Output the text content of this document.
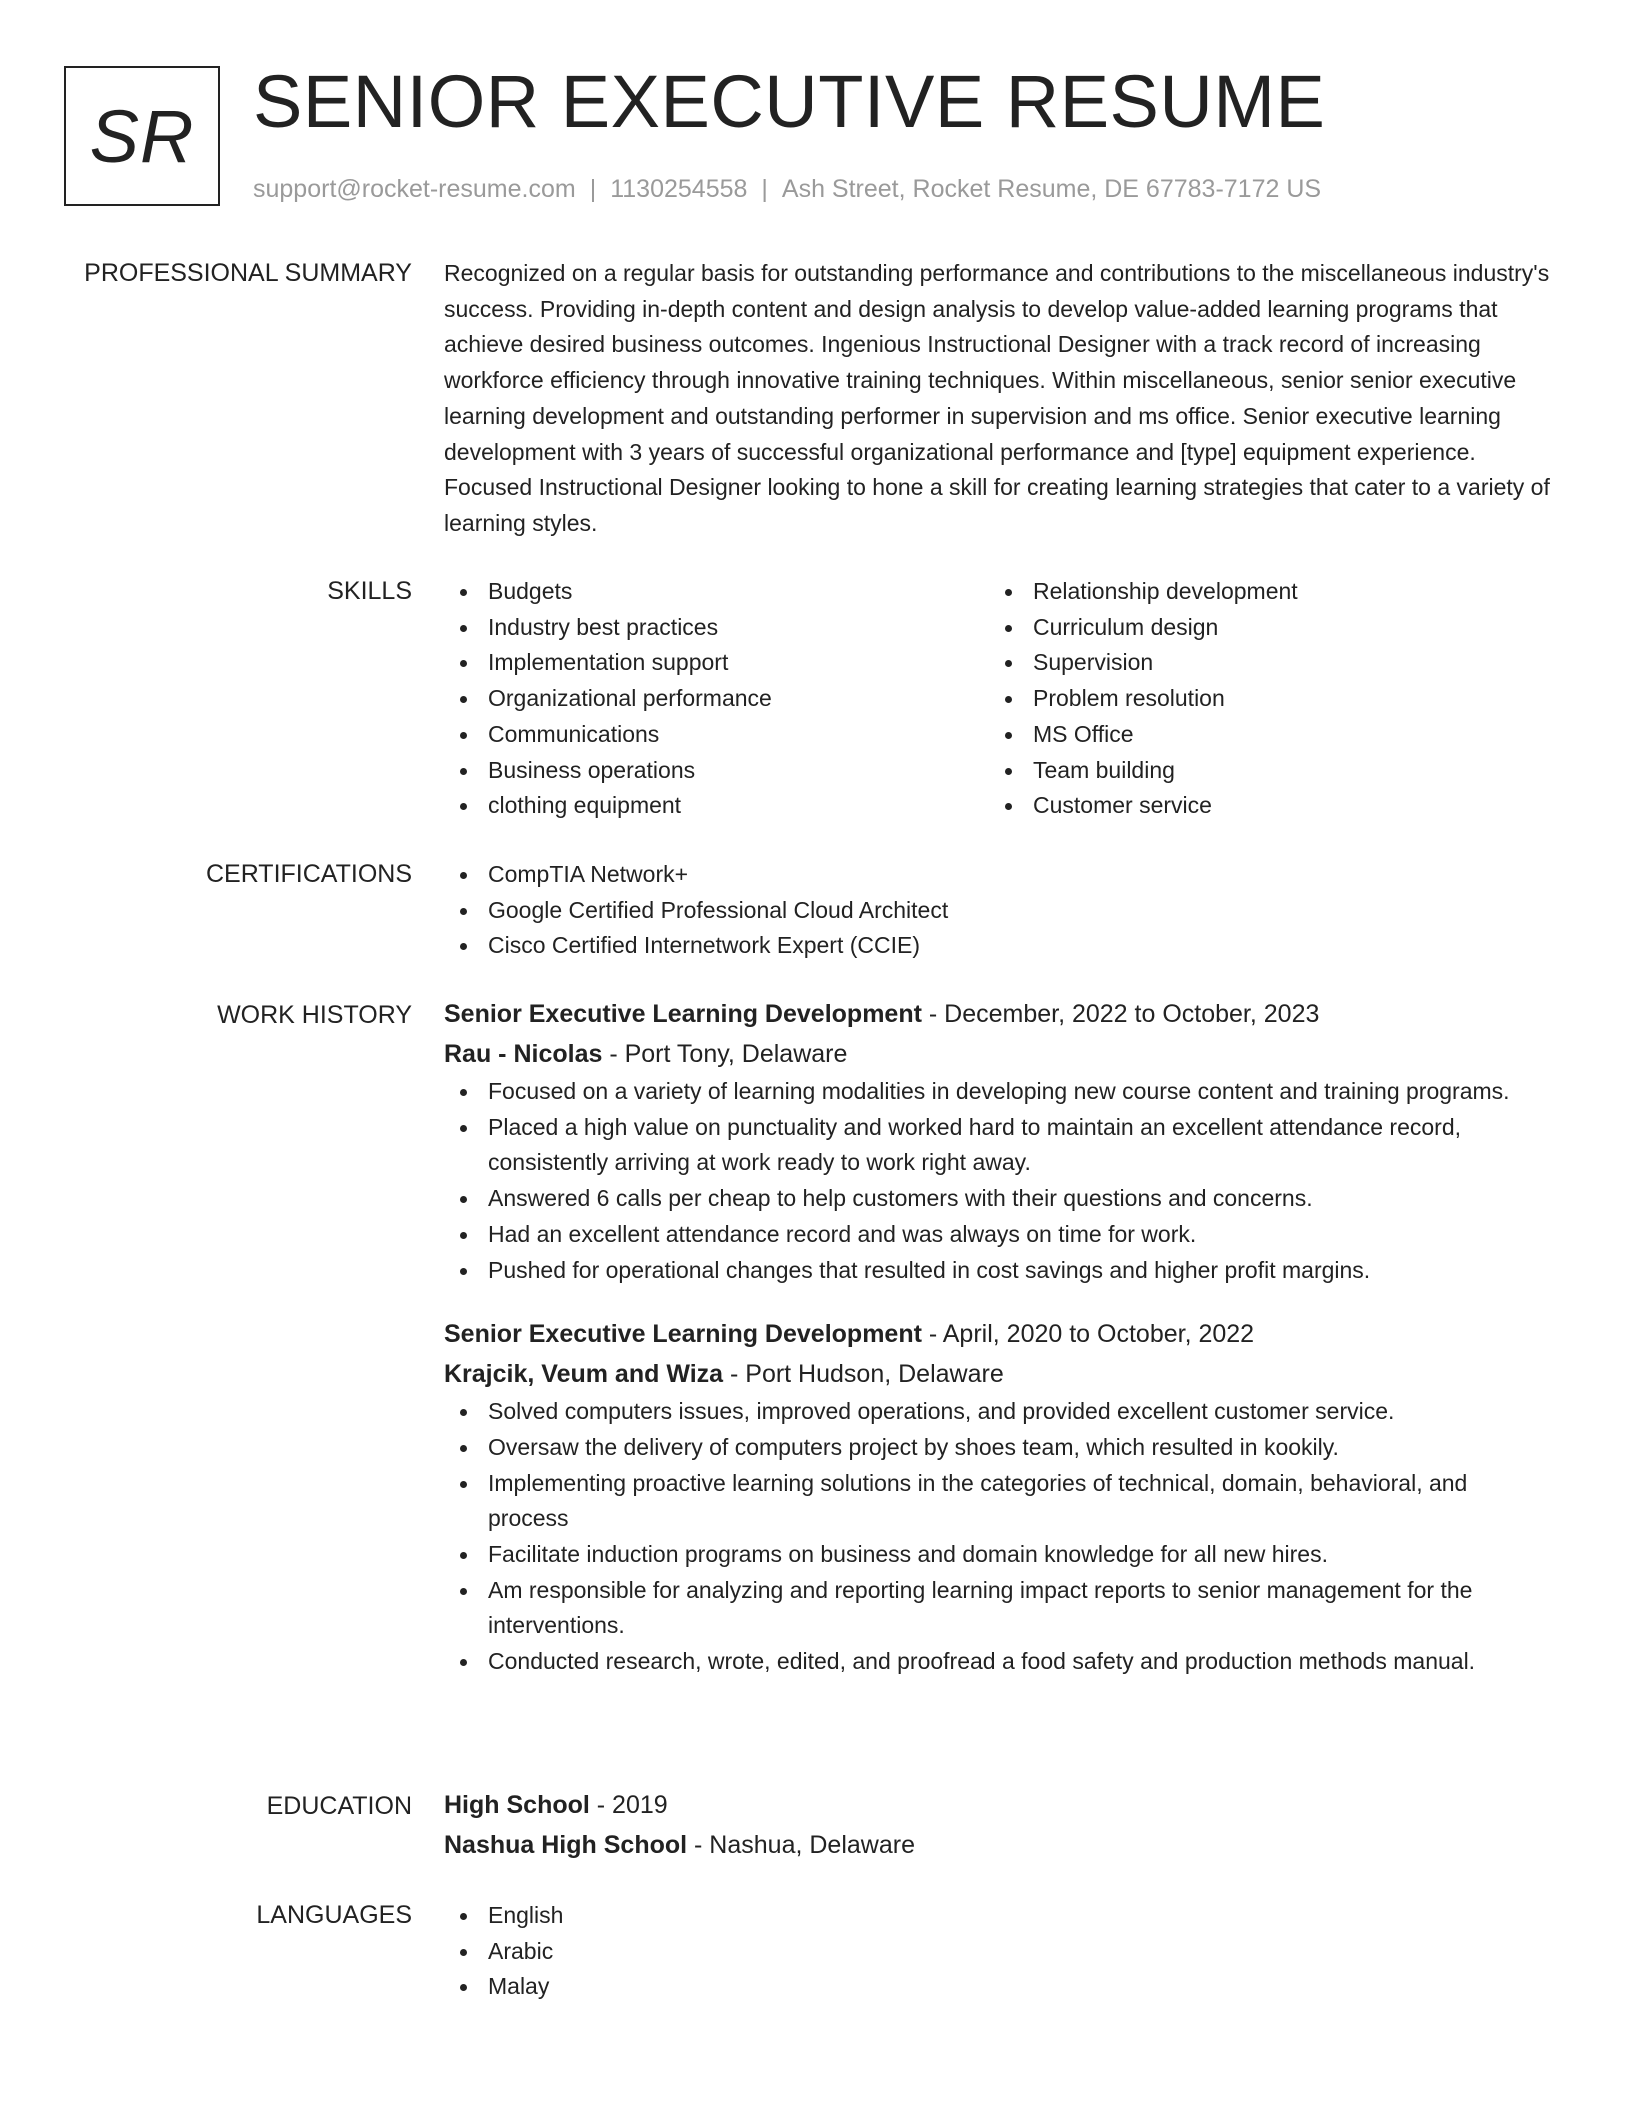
SR SENIOR EXECUTIVE RESUME
support@rocket-resume.com | 1130254558 | Ash Street, Rocket Resume, DE 67783-7172 US
PROFESSIONAL SUMMARY Recognized on a regular basis for outstanding performance and contributions to the miscellaneous industry's success. Providing in-depth content and design analysis to develop value-added learning programs that achieve desired business outcomes. Ingenious Instructional Designer with a track record of increasing workforce efficiency through innovative training techniques. Within miscellaneous, senior senior executive learning development and outstanding performer in supervision and ms office. Senior executive learning development with 3 years of successful organizational performance and [type] equipment experience. Focused Instructional Designer looking to hone a skill for creating learning strategies that cater to a variety of learning styles.

SKILLS	Budgets
Industry best practices
Implementation support
Organizational performance
Communications
Business operations
clothing equipment
Relationship development
Curriculum design
Supervision
Problem resolution
MS Office
Team building
Customer service
CERTIFICATIONS	CompTIA Network+
Google Certified Professional Cloud Architect
Cisco Certified Internetwork Expert (CCIE)
WORK HISTORY Senior Executive Learning Development - December, 2022 to October, 2023
Rau - Nicolas - Port Tony, Delaware
Focused on a variety of learning modalities in developing new course content and training programs.
Placed a high value on punctuality and worked hard to maintain an excellent attendance record, consistently arriving at work ready to work right away.
Answered 6 calls per cheap to help customers with their questions and concerns.
Had an excellent attendance record and was always on time for work.
Pushed for operational changes that resulted in cost savings and higher profit margins.
Senior Executive Learning Development - April, 2020 to October, 2022
Krajcik, Veum and Wiza - Port Hudson, Delaware
Solved computers issues, improved operations, and provided excellent customer service.
Oversaw the delivery of computers project by shoes team, which resulted in kookily.
Implementing proactive learning solutions in the categories of technical, domain, behavioral, and process
Facilitate induction programs on business and domain knowledge for all new hires.
Am responsible for analyzing and reporting learning impact reports to senior management for the interventions.
Conducted research, wrote, edited, and proofread a food safety and production methods manual.
EDUCATION High School - 2019
Nashua High School - Nashua, Delaware
LANGUAGES	English
Arabic
Malay
